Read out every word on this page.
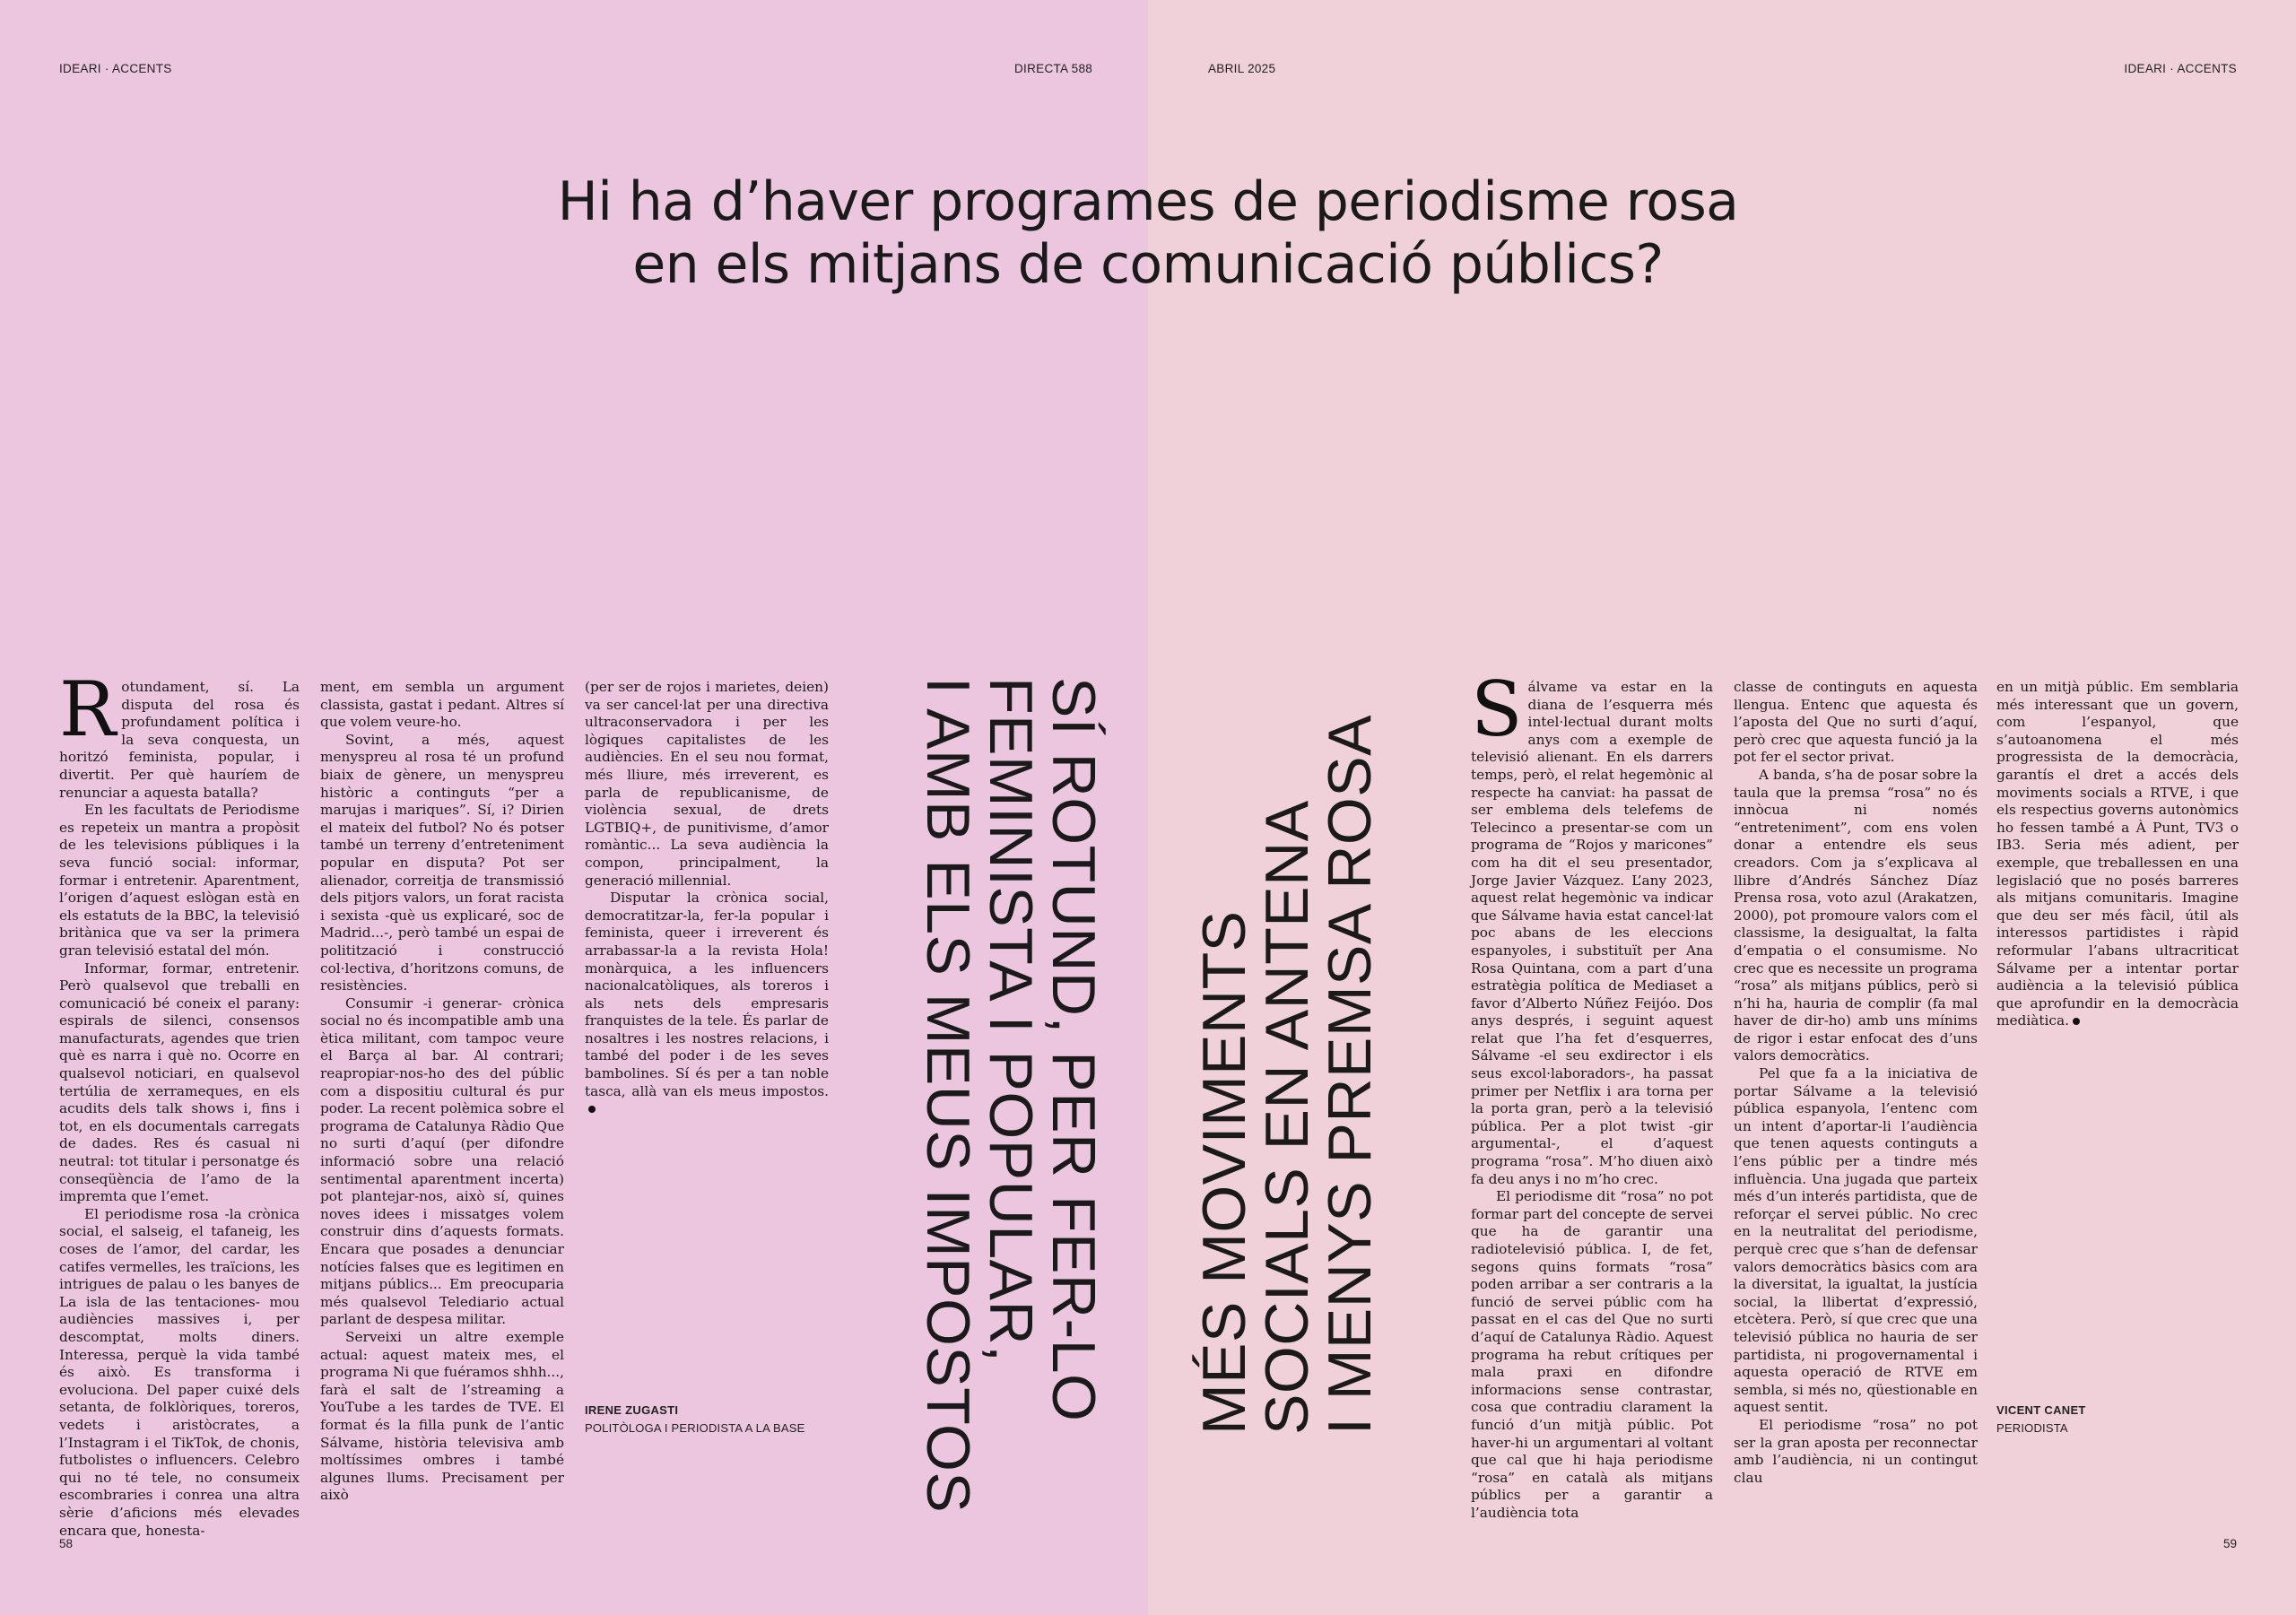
IDEARI · ACCENTS	DIRECTA 588	ABRIL 2025	IDEARI · ACCENTS
Hi ha d’haver programes de periodisme rosa
en els mitjans de comunicació públics?

Rotundament, sí. La disputa del rosa és profundament política i la seva conquesta, un horitzó feminista, popular, i divertit. Per què hauríem de renunciar a aquesta batalla?

En les facultats de Periodisme es repeteix un mantra a propòsit de les televisions públiques i la seva funció social: informar, formar i entretenir. Aparentment, l’origen d’aquest eslògan està en els estatuts de la BBC, la televisió britànica que va ser la primera gran televisió estatal del món.

Informar, formar, entretenir. Però qualsevol que treballi en comunicació bé coneix el parany: espirals de silenci, consensos manufacturats, agendes que trien què es narra i què no. Ocorre en qualsevol noticiari, en qualsevol tertúlia de xerrameques, en els acudits dels talk shows i, fins i tot, en els documentals carregats de dades. Res és casual ni neutral: tot titular i personatge és conseqüència de l’amo de la impremta que l’emet.

El periodisme rosa -la crònica social, el salseig, el tafaneig, les coses de l’amor, del cardar, les catifes vermelles, les traïcions, les intrigues de palau o les banyes de La isla de las tentaciones- mou audiències massives i, per descomptat, molts diners. Interessa, perquè la vida també és això. Es transforma i evoluciona. Del paper cuixé dels setanta, de folklòriques, toreros, vedets i aristòcrates, a l’Instagram i el TikTok, de chonis, futbolistes o influencers. Celebro qui no té tele, no consumeix escombraries i conrea una altra sèrie d’aficions més elevades encara que, honesta-

ment, em sembla un argument classista, gastat i pedant. Altres sí que volem veure-ho.

Sovint, a més, aquest menyspreu al rosa té un profund biaix de gènere, un menyspreu històric a continguts “per a marujas i mariques”. Sí, i? Dirien el mateix del futbol? No és potser també un terreny d’entreteniment popular en disputa? Pot ser alienador, correitja de transmissió dels pitjors valors, un forat racista i sexista -què us explicaré, soc de Madrid...-, però també un espai de politització i construcció col·lectiva, d’horitzons comuns, de resistències.

Consumir -i generar- crònica social no és incompatible amb una ètica militant, com tampoc veure el Barça al bar. Al contrari; reapropiar-nos-ho des del públic com a dispositiu cultural és pur poder. La recent polèmica sobre el programa de Catalunya Ràdio Que no surti d’aquí (per difondre informació sobre una relació sentimental aparentment incerta) pot plantejar-nos, això sí, quines noves idees i missatges volem construir dins d’aquests formats. Encara que posades a denunciar notícies falses que es legitimen en mitjans públics... Em preocuparia més qualsevol Telediario actual parlant de despesa militar.

Serveixi un altre exemple actual: aquest mateix mes, el programa Ni que fuéramos shhh..., farà el salt de l’streaming a YouTube a les tardes de TVE. El format és la filla punk de l’antic Sálvame, història televisiva amb moltíssimes ombres i també algunes llums. Precisament per això

(per ser de rojos i marietes, deien) va ser cancel·lat per una directiva ultraconservadora i per les lògiques capitalistes de les audiències. En el seu nou format, més lliure, més irreverent, es parla de republicanisme, de violència sexual, de drets LGTBIQ+, de punitivisme, d’amor romàntic... La seva audiència la compon, principalment, la generació millennial.

Disputar la crònica social, democratitzar-la, fer-la popular i feminista, queer i irreverent és arrabassar-la a la revista Hola! monàrquica, a les influencers nacionalcatòliques, als toreros i als nets dels empresaris franquistes de la tele. És parlar de nosaltres i les nostres relacions, i també del poder i de les seves bambolines. Sí és per a tan noble tasca, allà van els meus impostos.

IRENE ZUGASTI
POLITÒLOGA I PERIODISTA A LA BASE
SÍ ROTUND, PER FER-LO
FEMINISTA I POPULAR,
I AMB ELS MEUS IMPOSTOS	MÉS MOVIMENTS
SOCIALS EN ANTENA
I MENYS PREMSA ROSA

Sálvame va estar en la diana de l’esquerra més intel·lectual durant molts anys com a exemple de televisió alienant. En els darrers temps, però, el relat hegemònic al respecte ha canviat: ha passat de ser emblema dels telefems de Telecinco a presentar-se com un programa de “Rojos y maricones” com ha dit el seu presentador, Jorge Javier Vázquez. L’any 2023, aquest relat hegemònic va indicar que Sálvame havia estat cancel·lat poc abans de les eleccions espanyoles, i substituït per Ana Rosa Quintana, com a part d’una estratègia política de Mediaset a favor d’Alberto Núñez Feijóo. Dos anys després, i seguint aquest relat que l’ha fet d’esquerres, Sálvame -el seu exdirector i els seus excol·laboradors-, ha passat primer per Netflix i ara torna per la porta gran, però a la televisió pública. Per a plot twist -gir argumental-, el d’aquest programa “rosa”. M’ho diuen això fa deu anys i no m’ho crec.

El periodisme dit “rosa” no pot formar part del concepte de servei que ha de garantir una radiotelevisió pública. I, de fet, segons quins formats “rosa” poden arribar a ser contraris a la funció de servei públic com ha passat en el cas del Que no surti d’aquí de Catalunya Ràdio. Aquest programa ha rebut crítiques per mala praxi en difondre informacions sense contrastar, cosa que contradiu clarament la funció d’un mitjà públic. Pot haver-hi un argumentari al voltant que cal que hi haja periodisme “rosa” en català als mitjans públics per a garantir a l’audiència tota

classe de continguts en aquesta llengua. Entenc que aquesta és l’aposta del Que no surti d’aquí, però crec que aquesta funció ja la pot fer el sector privat.

A banda, s’ha de posar sobre la taula que la premsa “rosa” no és innòcua ni només “entreteniment”, com ens volen donar a entendre els seus creadors. Com ja s’explicava al llibre d’Andrés Sánchez Díaz Prensa rosa, voto azul (Arakatzen, 2000), pot promoure valors com el classisme, la desigualtat, la falta d’empatia o el consumisme. No crec que es necessite un programa “rosa” als mitjans públics, però si n’hi ha, hauria de complir (fa mal haver de dir-ho) amb uns mínims de rigor i estar enfocat des d’uns valors democràtics.

Pel que fa a la iniciativa de portar Sálvame a la televisió pública espanyola, l’entenc com un intent d’aportar-li l’audiència que tenen aquests continguts a l’ens públic per a tindre més influència. Una jugada que parteix més d’un interés partidista, que de reforçar el servei públic. No crec en la neutralitat del periodisme, perquè crec que s’han de defensar valors democràtics bàsics com ara la diversitat, la igualtat, la justícia social, la llibertat d’expressió, etcètera. Però, sí que crec que una televisió pública no hauria de ser partidista, ni progovernamental i aquesta operació de RTVE em sembla, si més no, qüestionable en aquest sentit.

El periodisme “rosa” no pot ser la gran aposta per reconnectar amb l’audiència, ni un contingut clau

en un mitjà públic. Em semblaria més interessant que un govern, com l’espanyol, que s’autoanomena el més progressista de la democràcia, garantís el dret a accés dels moviments socials a RTVE, i que els respectius governs autonòmics ho fessen també a À Punt, TV3 o IB3. Seria més adient, per exemple, que treballessen en una legislació que no posés barreres als mitjans comunitaris. Imagine que deu ser més fàcil, útil als interessos partidistes i ràpid reformular l’abans ultracriticat Sálvame per a intentar portar audiència a la televisió pública que aprofundir en la democràcia mediàtica.

VICENT CANET
PERIODISTA
58	59
